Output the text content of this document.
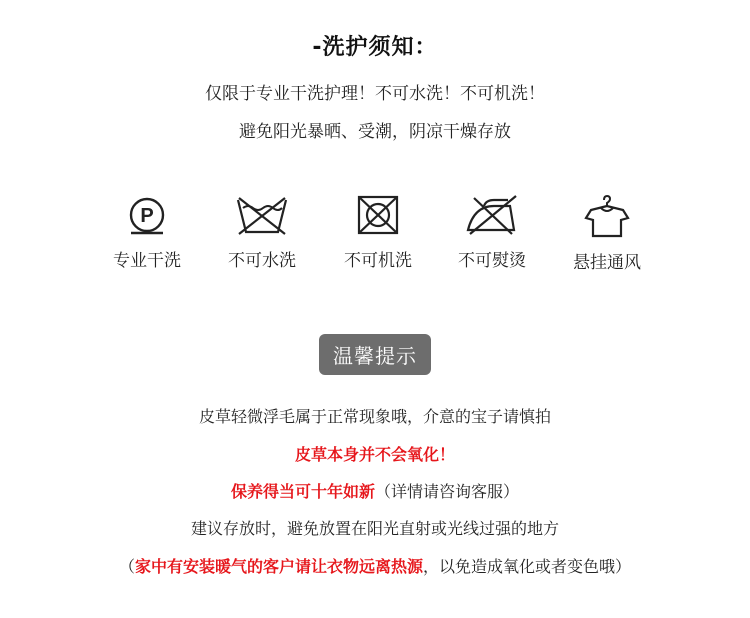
-洗护须知：
仅限于专业干洗护理！不可水洗！不可机洗！
避免阳光暴晒、受潮，阴凉干燥存放
P
专业干洗	不可水洗	不可机洗	不可熨烫	悬挂通风
温馨提示
皮草轻微浮毛属于正常现象哦，介意的宝子请慎拍
皮草本身并不会氧化！
保养得当可十年如新（详情请咨询客服）
建议存放时，避免放置在阳光直射或光线过强的地方
（家中有安装暖气的客户请让衣物远离热源，以免造成氧化或者变色哦）
